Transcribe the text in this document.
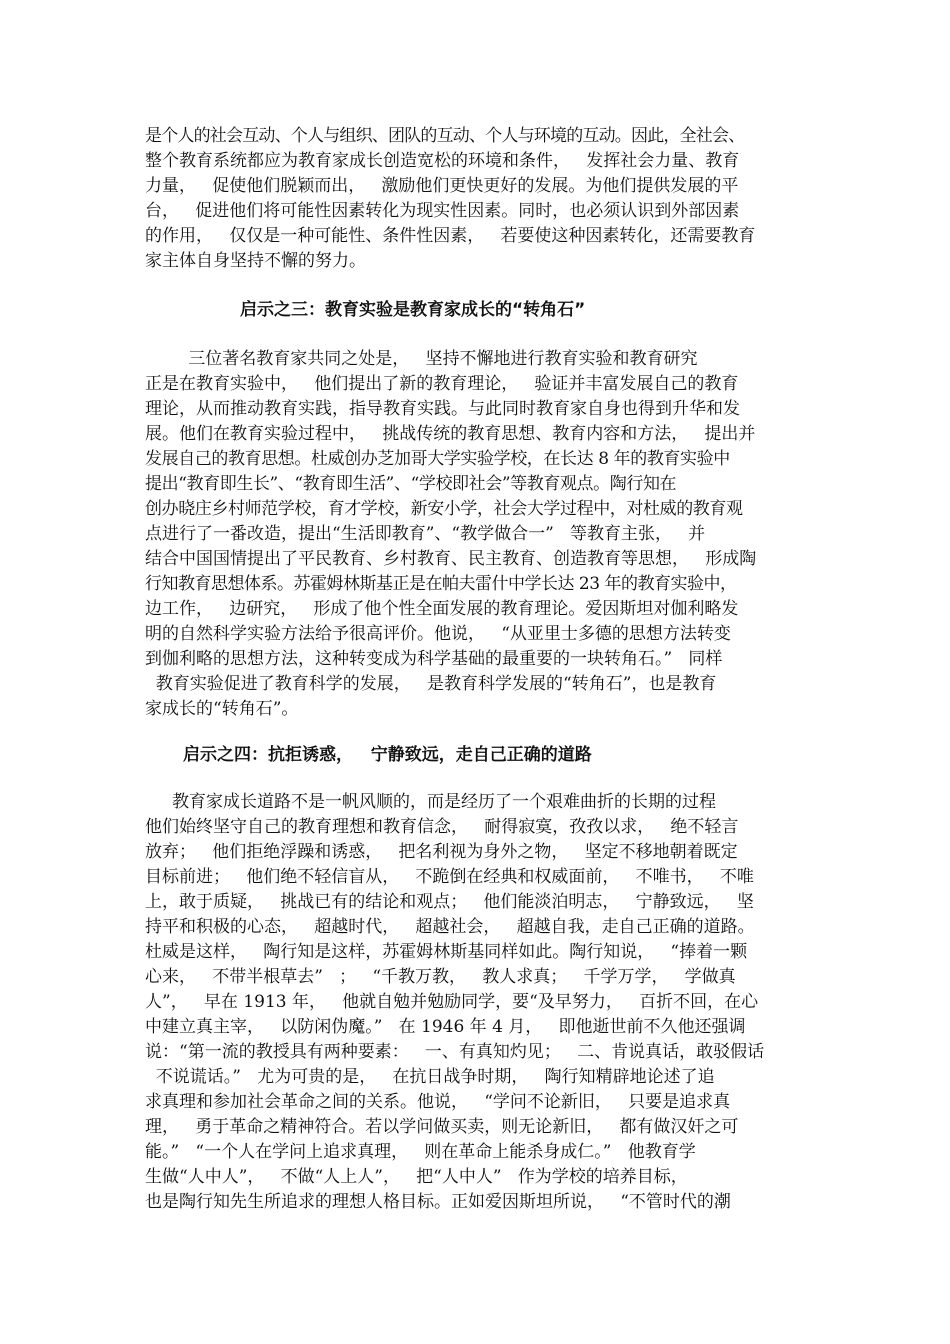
是个人的社会互动、个人与组织、团队的互动、个人与环境的互动。因此，全社会、
整个教育系统都应为教育家成长创造宽松的环境和条件，   发挥社会力量、教育
力量，   促使他们脱颖而出，   激励他们更快更好的发展。为他们提供发展的平
台，   促进他们将可能性因素转化为现实性因素。同时，也必须认识到外部因素
的作用，   仅仅是一种可能性、条件性因素，   若要使这种因素转化，还需要教育
家主体自身坚持不懈的努力。
启示之三：教育实验是教育家成长的“转角石”
三位著名教育家共同之处是，   坚持不懈地进行教育实验和教育研究
正是在教育实验中，   他们提出了新的教育理论，   验证并丰富发展自己的教育
理论，从而推动教育实践，指导教育实践。与此同时教育家自身也得到升华和发
展。他们在教育实验过程中，   挑战传统的教育思想、教育内容和方法，   提出并
发展自己的教育思想。杜威创办芝加哥大学实验学校，在长达 8 年的教育实验中
提出“教育即生长”、“教育即生活”、“学校即社会”等教育观点。陶行知在
创办晓庄乡村师范学校，育才学校，新安小学，社会大学过程中，对杜威的教育观
点进行了一番改造，提出“生活即教育”、“教学做合一”   等教育主张，   并
结合中国国情提出了平民教育、乡村教育、民主教育、创造教育等思想，   形成陶
行知教育思想体系。苏霍姆林斯基正是在帕夫雷什中学长达 23 年的教育实验中，
边工作，   边研究，   形成了他个性全面发展的教育理论。爱因斯坦对伽利略发
明的自然科学实验方法给予很高评价。他说，   “从亚里士多德的思想方法转变
到伽利略的思想方法，这种转变成为科学基础的最重要的一块转角石。”   同样
教育实验促进了教育科学的发展，   是教育科学发展的“转角石”，也是教育
家成长的“转角石”。
启示之四：抗拒诱惑，   宁静致远，走自己正确的道路
教育家成长道路不是一帆风顺的，而是经历了一个艰难曲折的长期的过程
他们始终坚守自己的教育理想和教育信念，   耐得寂寞，孜孜以求，   绝不轻言
放弃；   他们拒绝浮躁和诱惑，   把名利视为身外之物，   坚定不移地朝着既定
目标前进；   他们绝不轻信盲从，   不跪倒在经典和权威面前，   不唯书，   不唯
上，敢于质疑，   挑战已有的结论和观点；   他们能淡泊明志，   宁静致远，   坚
持平和积极的心态，   超越时代，   超越社会，   超越自我，走自己正确的道路。
杜威是这样，   陶行知是这样，苏霍姆林斯基同样如此。陶行知说，   “捧着一颗
心来，   不带半根草去”   ；   “千教万教，   教人求真；   千学万学，   学做真
人”，   早在 1913 年，   他就自勉并勉励同学，要“及早努力，   百折不回，在心
中建立真主宰，   以防闲伪魔。”   在 1946 年 4 月，   即他逝世前不久他还强调
说：“第一流的教授具有两种要素：   一、有真知灼见；   二、肯说真话，敢驳假话
不说谎话。”   尤为可贵的是，   在抗日战争时期，   陶行知精辟地论述了追
求真理和参加社会革命之间的关系。他说，   “学问不论新旧，   只要是追求真
理，   勇于革命之精神符合。若以学问做买卖，则无论新旧，   都有做汉奸之可
能。”   “一个人在学问上追求真理，   则在革命上能杀身成仁。”   他教育学
生做“人中人”，   不做“人上人”，   把“人中人”   作为学校的培养目标，
也是陶行知先生所追求的理想人格目标。正如爱因斯坦所说，   “不管时代的潮
